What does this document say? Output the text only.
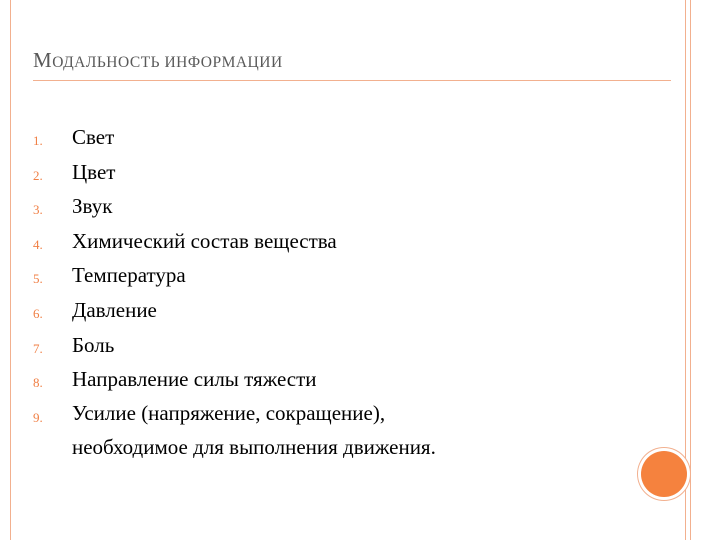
МОДАЛЬНОСТЬ ИНФОРМАЦИИ
1. Свет
2. Цвет
3. Звук
4. Химический состав вещества
5. Температура
6. Давление
7. Боль
8. Направление силы тяжести
9. Усилие (напряжение, сокращение),
необходимое для выполнения движения.
